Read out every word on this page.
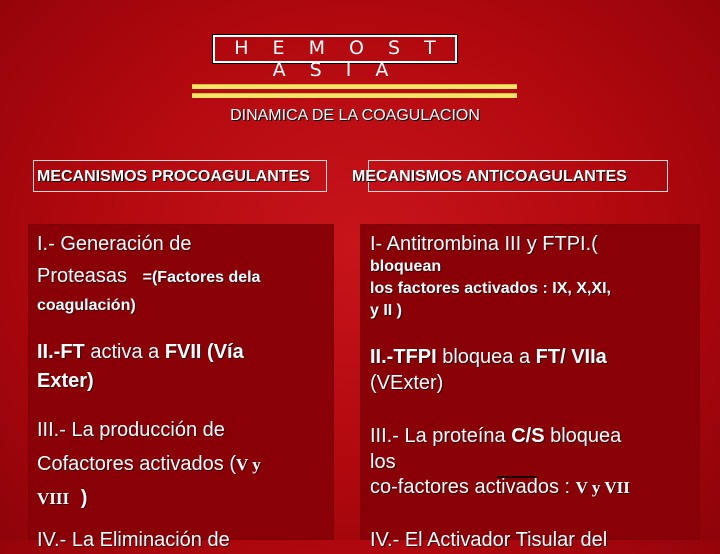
H E M O S T A S I A
DINAMICA DE LA COAGULACION
MECANISMOS PROCOAGULANTES	MECANISMOS ANTICOAGULANTES
I.- Generación de
Proteasas =(Factores dela
coagulación)
II.-FT activa a FVII (Vía
Exter)
III.- La producción de
Cofactores activados (V y
VIII )
IV.- La Eliminación de
I- Antitrombina III y FTPI.(
bloquean
los factores activados : IX, X,XI,
y II )
II.-TFPI bloquea a FT/ VIIa
(VExter)
III.- La proteína C/S bloquea
los
co-factores activados : V y VII
IV.- El Activador Tisular del
